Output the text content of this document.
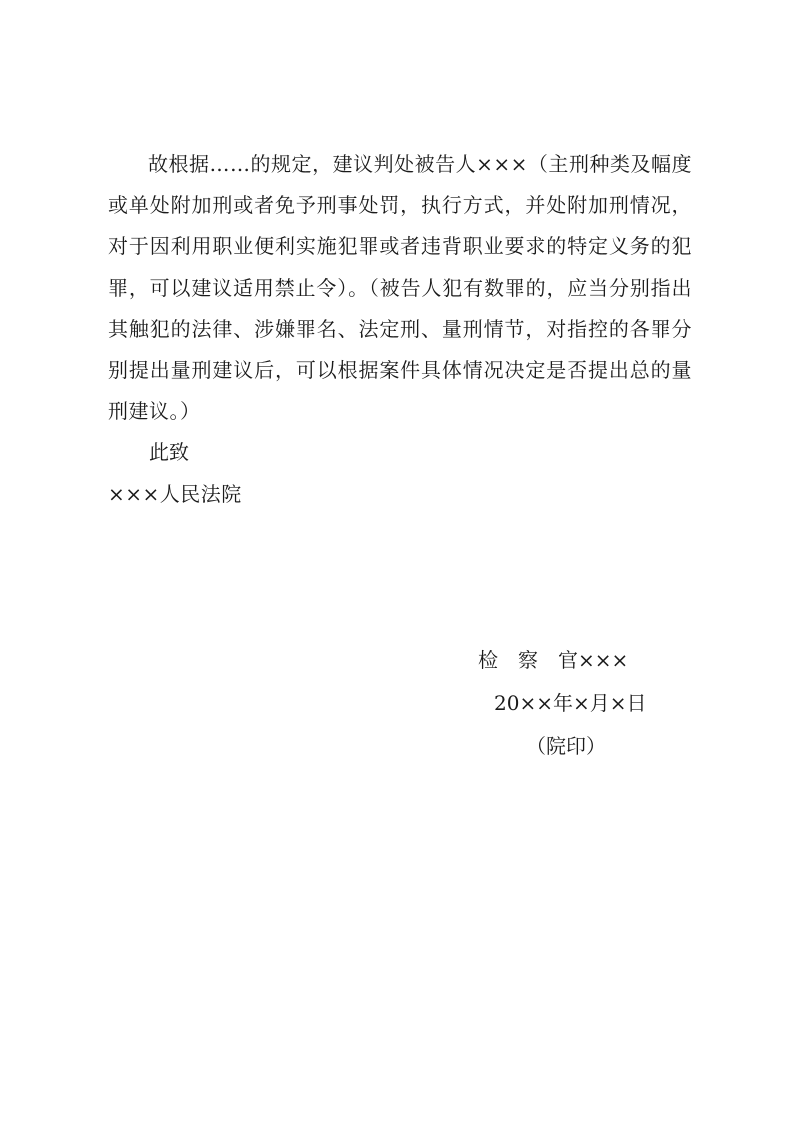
故根据……的规定，建议判处被告人×××（主刑种类及幅度或单处附加刑或者免予刑事处罚，执行方式，并处附加刑情况，对于因利用职业便利实施犯罪或者违背职业要求的特定义务的犯罪，可以建议适用禁止令）。（被告人犯有数罪的，应当分别指出其触犯的法律、涉嫌罪名、法定刑、量刑情节，对指控的各罪分别提出量刑建议后，可以根据案件具体情况决定是否提出总的量刑建议。）

此致
×××人民法院
检　察　官×××
20××年×月×日
（院印）
